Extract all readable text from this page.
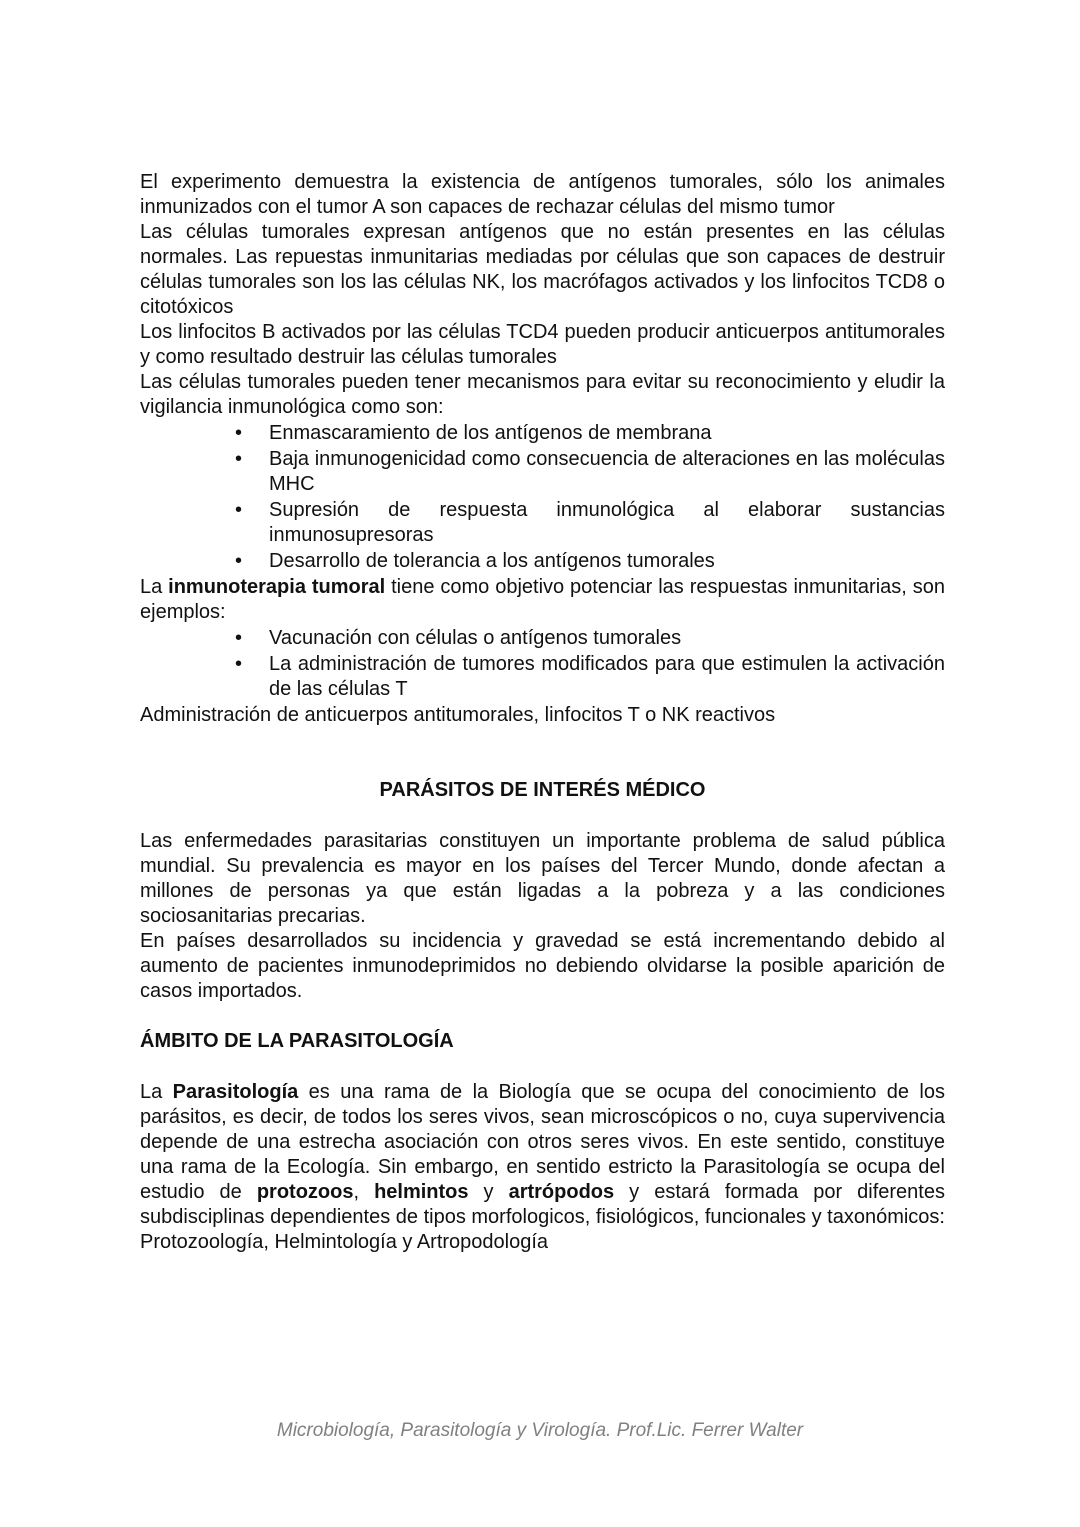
El experimento demuestra la existencia de antígenos tumorales, sólo los animales inmunizados con el tumor A son capaces de rechazar células del mismo tumor

Las células tumorales expresan antígenos que no están presentes en las células normales. Las repuestas inmunitarias mediadas por células que son capaces de destruir células tumorales son los las células NK, los macrófagos activados y los linfocitos TCD8 o citotóxicos

Los linfocitos B activados por las células TCD4 pueden producir anticuerpos antitumorales y como resultado destruir las células tumorales

Las células tumorales pueden tener mecanismos para evitar su reconocimiento y eludir la vigilancia inmunológica como son:

• Enmascaramiento de los antígenos de membrana
• Baja inmunogenicidad como consecuencia de alteraciones en las moléculas MHC
• Supresión de respuesta inmunológica al elaborar sustancias inmunosupresoras
• Desarrollo de tolerancia a los antígenos tumorales

La inmunoterapia tumoral tiene como objetivo potenciar las respuestas inmunitarias, son ejemplos:

• Vacunación con células o antígenos tumorales
• La administración de tumores modificados para que estimulen la activación de las células T

Administración de anticuerpos antitumorales, linfocitos T o NK reactivos

PARÁSITOS DE INTERÉS MÉDICO

Las enfermedades parasitarias constituyen un importante problema de salud pública mundial. Su prevalencia es mayor en los países del Tercer Mundo, donde afectan a millones de personas ya que están ligadas a la pobreza y a las condiciones sociosanitarias precarias.

En países desarrollados su incidencia y gravedad se está incrementando debido al aumento de pacientes inmunodeprimidos no debiendo olvidarse la posible aparición de casos importados.

ÁMBITO DE LA PARASITOLOGÍA

La Parasitología es una rama de la Biología que se ocupa del conocimiento de los parásitos, es decir, de todos los seres vivos, sean microscópicos o no, cuya supervivencia depende de una estrecha asociación con otros seres vivos. En este sentido, constituye una rama de la Ecología. Sin embargo, en sentido estricto la Parasitología se ocupa del estudio de protozoos, helmintos y artrópodos y estará formada por diferentes subdisciplinas dependientes de tipos morfologicos, fisiológicos, funcionales y taxonómicos: Protozoología, Helmintología y Artropodología

Microbiología, Parasitología y Virología. Prof.Lic. Ferrer Walter
